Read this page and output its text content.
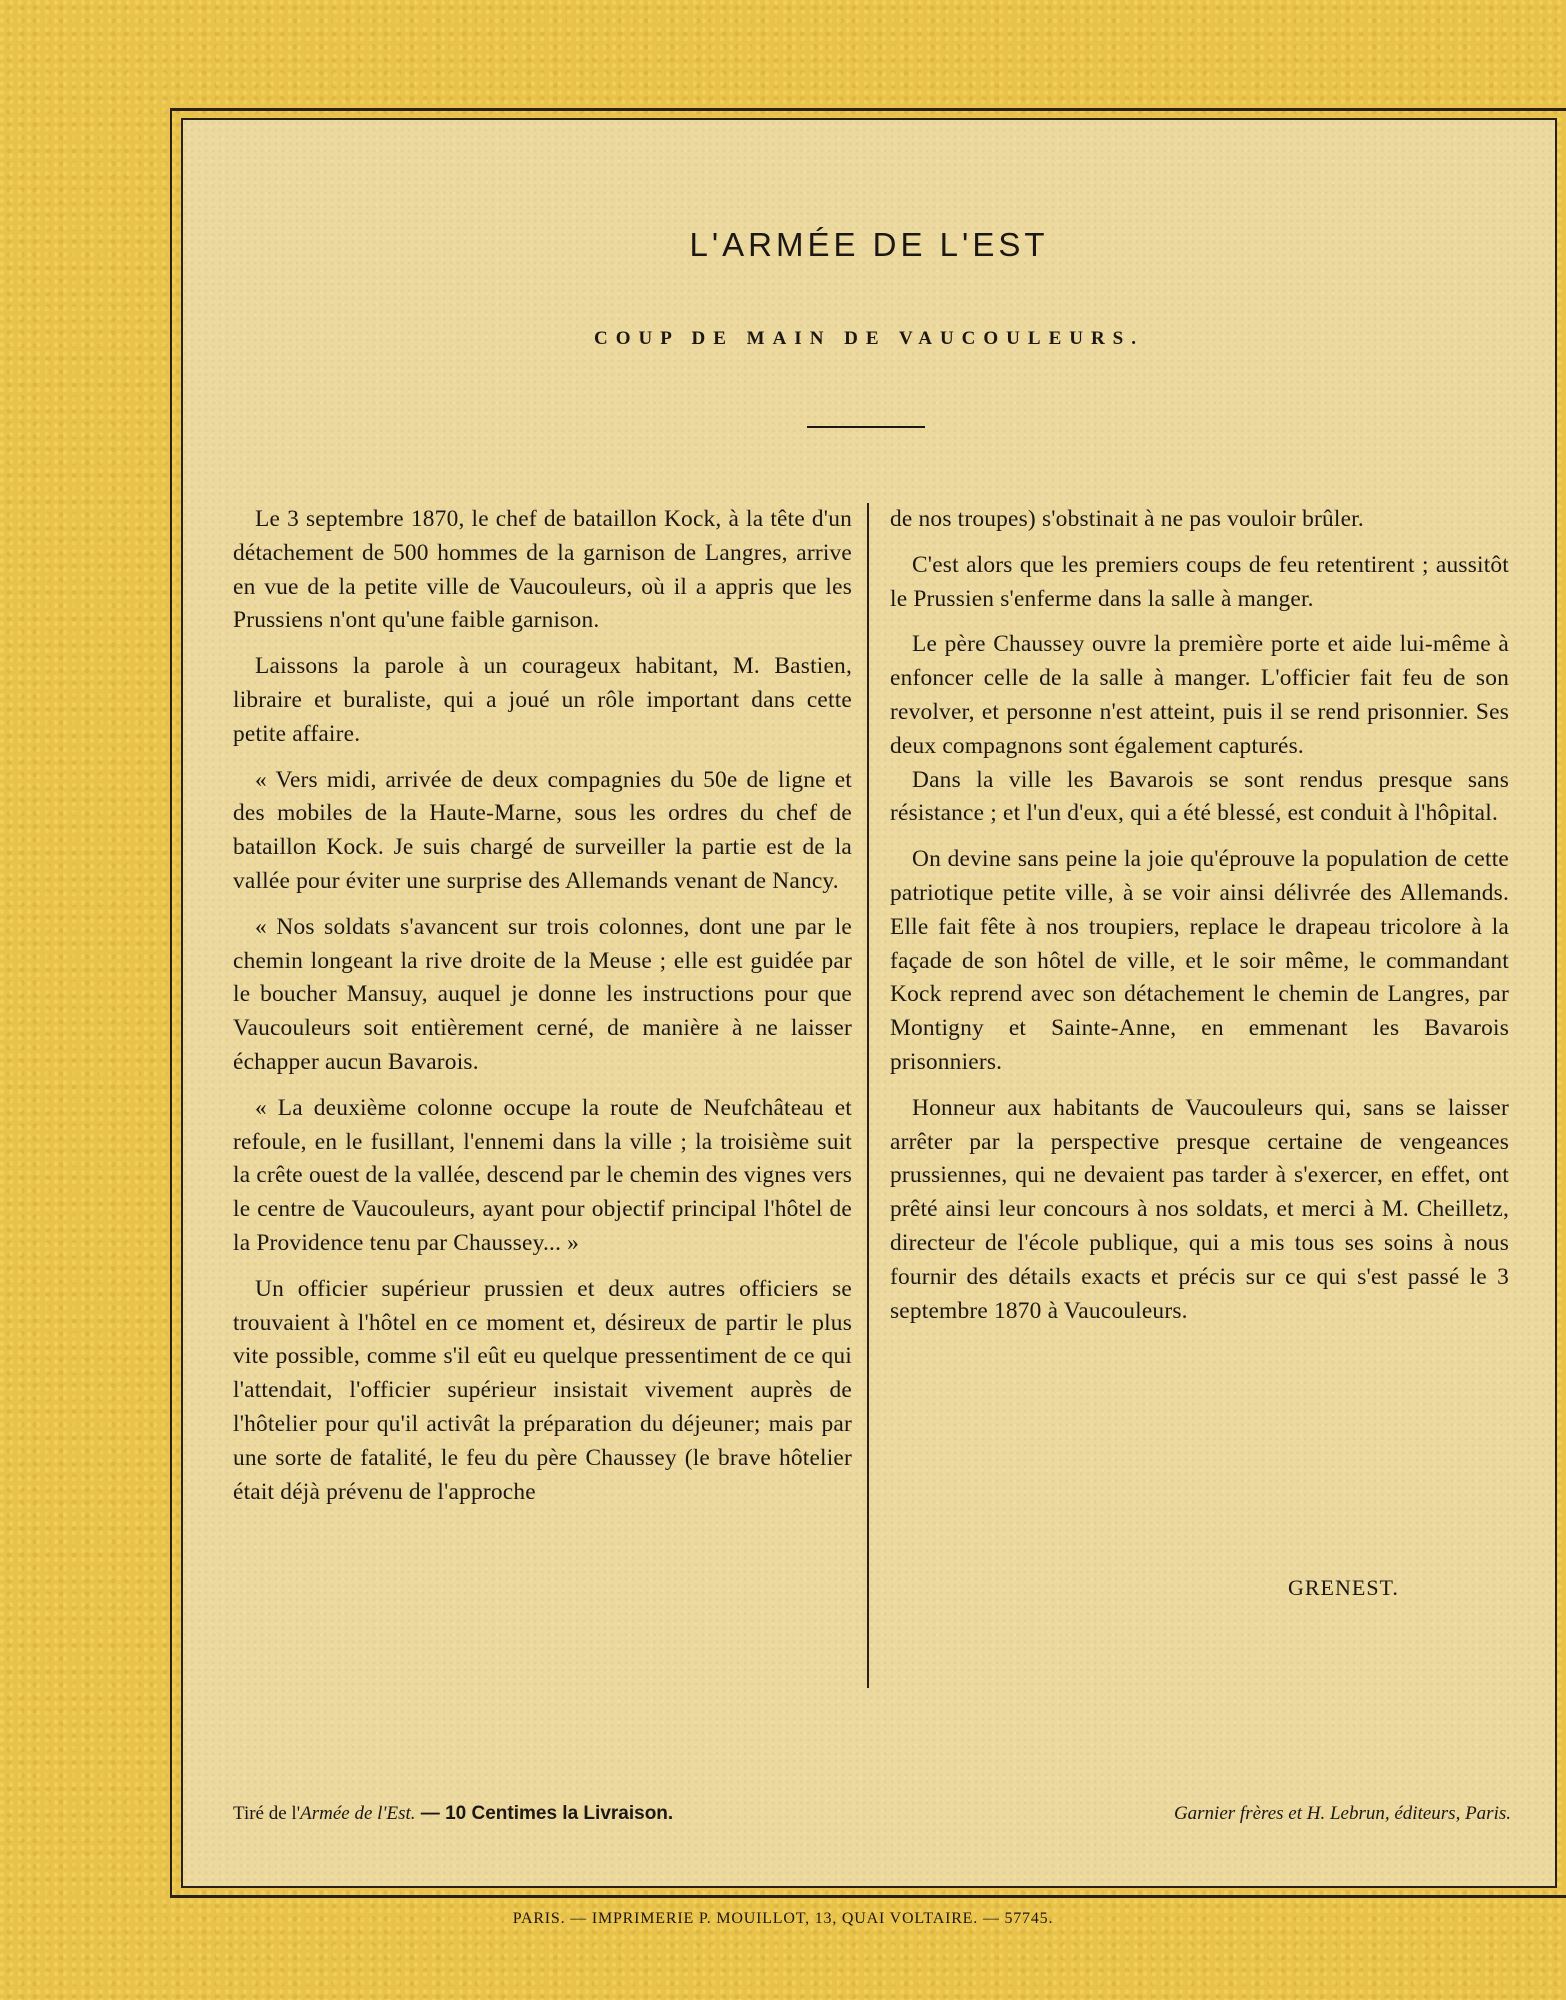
L'ARMÉE DE L'EST
COUP DE MAIN DE VAUCOULEURS.

Le 3 septembre 1870, le chef de bataillon Kock, à la tête d'un détachement de 500 hommes de la garnison de Langres, arrive en vue de la petite ville de Vaucouleurs, où il a appris que les Prussiens n'ont qu'une faible garnison.

Laissons la parole à un courageux habitant, M. Bastien, libraire et buraliste, qui a joué un rôle important dans cette petite affaire.

« Vers midi, arrivée de deux compagnies du 50e de ligne et des mobiles de la Haute-Marne, sous les ordres du chef de bataillon Kock. Je suis chargé de surveiller la partie est de la vallée pour éviter une surprise des Allemands venant de Nancy.

« Nos soldats s'avancent sur trois colonnes, dont une par le chemin longeant la rive droite de la Meuse ; elle est guidée par le boucher Mansuy, auquel je donne les instructions pour que Vaucouleurs soit entièrement cerné, de manière à ne laisser échapper aucun Bavarois.

« La deuxième colonne occupe la route de Neufchâteau et refoule, en le fusillant, l'ennemi dans la ville ; la troisième suit la crête ouest de la vallée, descend par le chemin des vignes vers le centre de Vaucouleurs, ayant pour objectif principal l'hôtel de la Providence tenu par Chaussey... »

Un officier supérieur prussien et deux autres officiers se trouvaient à l'hôtel en ce moment et, désireux de partir le plus vite possible, comme s'il eût eu quelque pressentiment de ce qui l'attendait, l'officier supérieur insistait vivement auprès de l'hôtelier pour qu'il activât la préparation du déjeuner; mais par une sorte de fatalité, le feu du père Chaussey (le brave hôtelier était déjà prévenu de l'approche

de nos troupes) s'obstinait à ne pas vouloir brûler.

C'est alors que les premiers coups de feu retentirent ; aussitôt le Prussien s'enferme dans la salle à manger.

Le père Chaussey ouvre la première porte et aide lui-même à enfoncer celle de la salle à manger. L'officier fait feu de son revolver, et personne n'est atteint, puis il se rend prisonnier. Ses deux compagnons sont également capturés.

Dans la ville les Bavarois se sont rendus presque sans résistance ; et l'un d'eux, qui a été blessé, est conduit à l'hôpital.

On devine sans peine la joie qu'éprouve la population de cette patriotique petite ville, à se voir ainsi délivrée des Allemands. Elle fait fête à nos troupiers, replace le drapeau tricolore à la façade de son hôtel de ville, et le soir même, le commandant Kock reprend avec son détachement le chemin de Langres, par Montigny et Sainte-Anne, en emmenant les Bavarois prisonniers.

Honneur aux habitants de Vaucouleurs qui, sans se laisser arrêter par la perspective presque certaine de vengeances prussiennes, qui ne devaient pas tarder à s'exercer, en effet, ont prêté ainsi leur concours à nos soldats, et merci à M. Cheilletz, directeur de l'école publique, qui a mis tous ses soins à nous fournir des détails exacts et précis sur ce qui s'est passé le 3 septembre 1870 à Vaucouleurs.

GRENEST.
Tiré de l'Armée de l'Est. — 10 Centimes la Livraison.	Garnier frères et H. Lebrun, éditeurs, Paris.
PARIS. — IMPRIMERIE P. MOUILLOT, 13, QUAI VOLTAIRE. — 57745.
